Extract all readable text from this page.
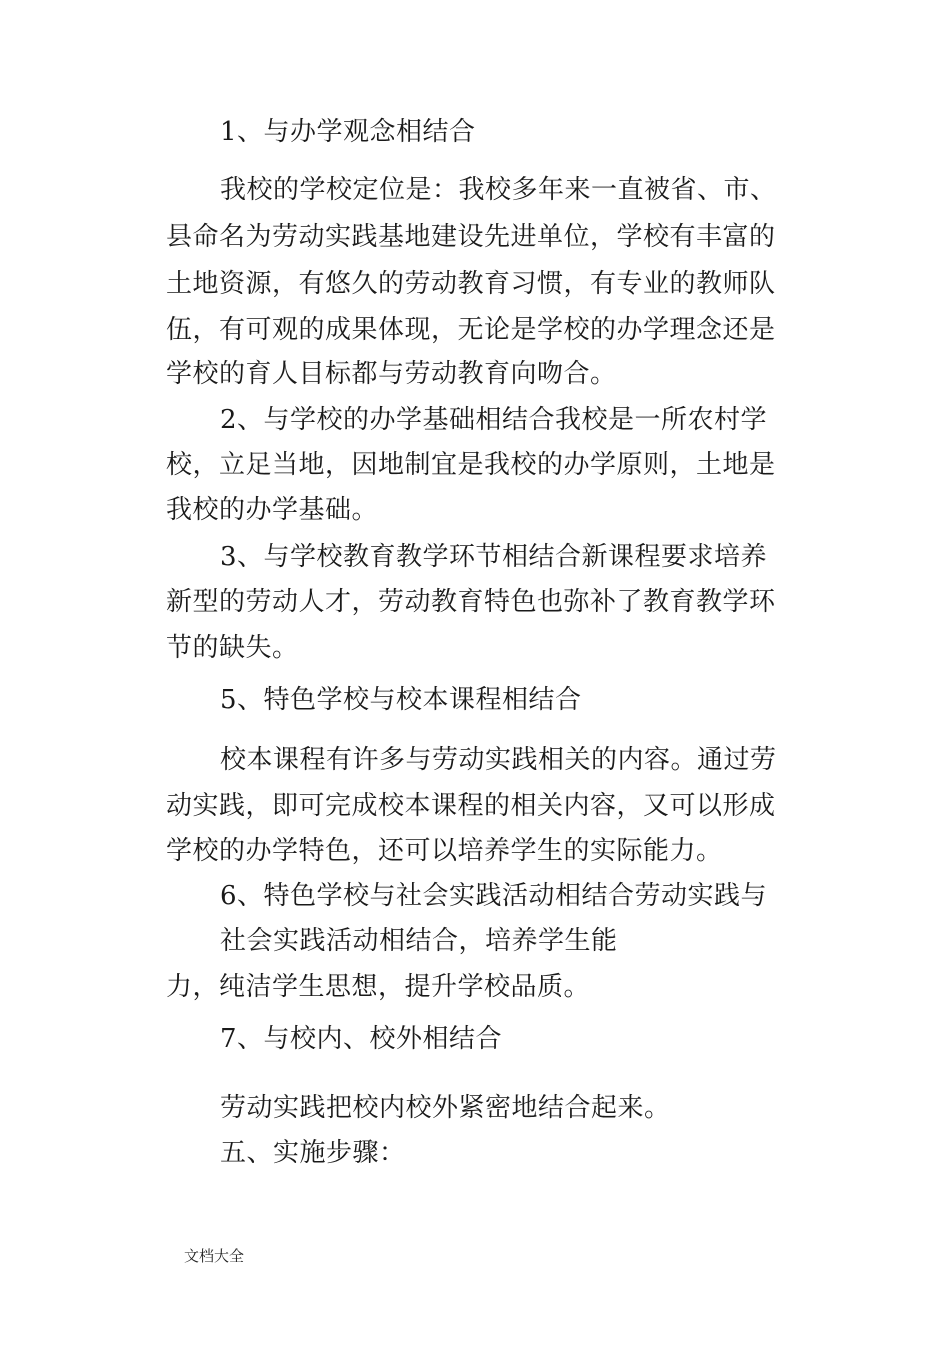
1、与办学观念相结合
我校的学校定位是：我校多年来一直被省、市、
县命名为劳动实践基地建设先进单位，学校有丰富的
土地资源，有悠久的劳动教育习惯，有专业的教师队
伍，有可观的成果体现，无论是学校的办学理念还是
学校的育人目标都与劳动教育向吻合。
2、与学校的办学基础相结合我校是一所农村学
校，立足当地，因地制宜是我校的办学原则，土地是
我校的办学基础。
3、与学校教育教学环节相结合新课程要求培养
新型的劳动人才，劳动教育特色也弥补了教育教学环
节的缺失。
5、特色学校与校本课程相结合
校本课程有许多与劳动实践相关的内容。通过劳
动实践，即可完成校本课程的相关内容，又可以形成
学校的办学特色，还可以培养学生的实际能力。
6、特色学校与社会实践活动相结合劳动实践与
社会实践活动相结合，培养学生能
力，纯洁学生思想，提升学校品质。
7、与校内、校外相结合
劳动实践把校内校外紧密地结合起来。
五、实施步骤：
文档大全
